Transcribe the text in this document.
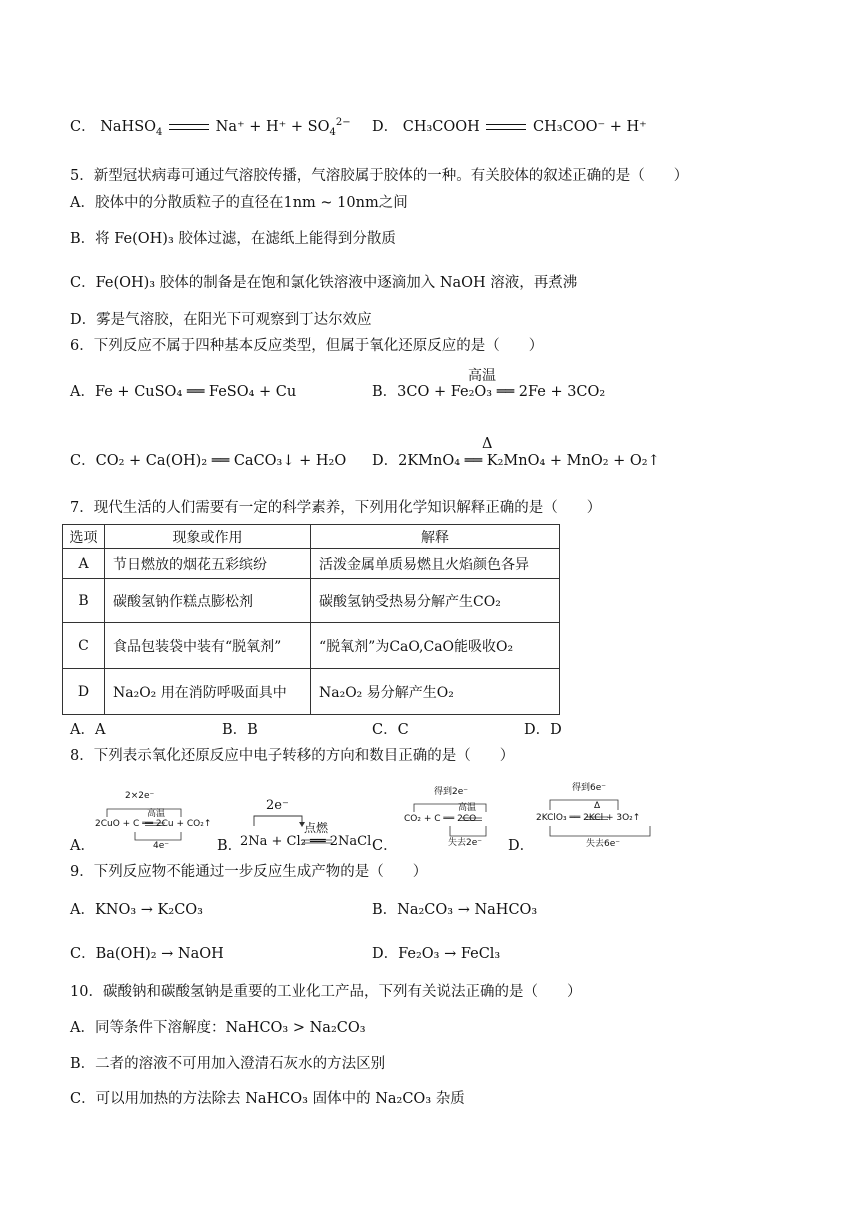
C． NaHSO$_4$	$Na^+ + H^+ + SO_4^{2-}$ D． CH₃COOH	CH₃COO⁻ + H⁺
5．新型冠状病毒可通过气溶胶传播，气溶胶属于胶体的一种。有关胶体的叙述正确的是（　　）
A．胶体中的分散质粒子的直径在1nm ~ 10nm之间
B．将 Fe(OH)₃ 胶体过滤，在滤纸上能得到分散质
C．Fe(OH)₃ 胶体的制备是在饱和氯化铁溶液中逐滴加入 NaOH 溶液，再煮沸
D．雾是气溶胶，在阳光下可观察到丁达尔效应
6．下列反应不属于四种基本反应类型，但属于氧化还原反应的是（　　）
A．Fe + CuSO₄ ══ FeSO₄ + Cu
高温
B．3CO + Fe₂O₃ ══ 2Fe + 3CO₂
C．CO₂ + Ca(OH)₂ ══ CaCO₃↓ + H₂O
Δ
D．2KMnO₄ ══ K₂MnO₄ + MnO₂ + O₂↑
7．现代生活的人们需要有一定的科学素养，下列用化学知识解释正确的是（　　）
选项	现象或作用	解释
A	节日燃放的烟花五彩缤纷	活泼金属单质易燃且火焰颜色各异
B	碳酸氢钠作糕点膨松剂	碳酸氢钠受热易分解产生CO₂
C	食品包装袋中装有“脱氧剂”	“脱氧剂”为CaO,CaO能吸收O₂
D	Na₂O₂ 用在消防呼吸面具中	Na₂O₂ 易分解产生O₂
A．A	B．B	C．C	D．D
8．下列表示氧化还原反应中电子转移的方向和数目正确的是（　　）
A．
2×2e⁻
高温
2CuO + C ══ 2Cu + CO₂↑
4e⁻	B．
2e⁻
点燃
2Na + Cl₂ ══ 2NaCl C．
得到2e⁻
高温
CO₂ + C ══ 2CO
失去2e⁻ D．
得到6e⁻
Δ
2KClO₃ ══ 2KCl + 3O₂↑
失去6e⁻
9．下列反应物不能通过一步反应生成产物的是（　　）
A．KNO₃ → K₂CO₃	B．Na₂CO₃ → NaHCO₃
C．Ba(OH)₂ → NaOH	D．Fe₂O₃ → FeCl₃
10．碳酸钠和碳酸氢钠是重要的工业化工产品，下列有关说法正确的是（　　）
A．同等条件下溶解度：NaHCO₃ > Na₂CO₃
B．二者的溶液不可用加入澄清石灰水的方法区别
C．可以用加热的方法除去 NaHCO₃ 固体中的 Na₂CO₃ 杂质
